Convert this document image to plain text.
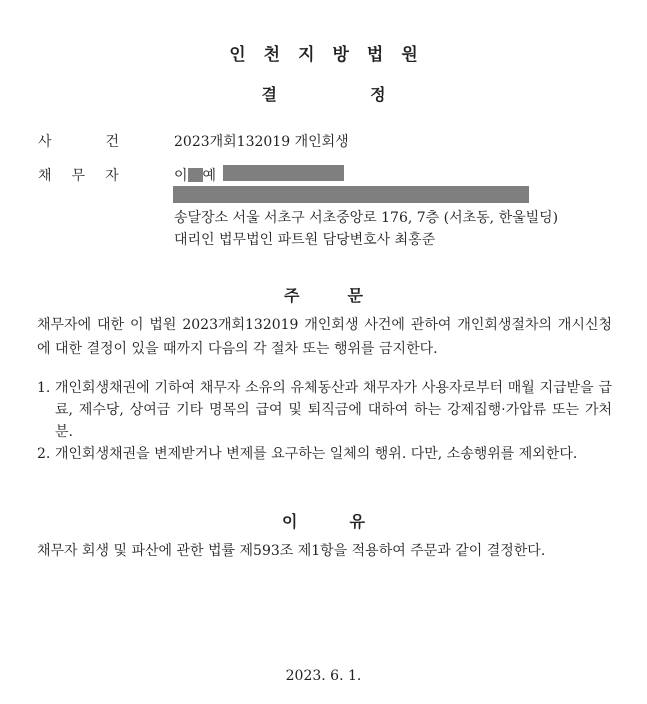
인천지방법원
결	정
사	건	2023개회132019 개인회생
채 무 자	이 예
송달장소 서울 서초구 서초중앙로 176, 7층 (서초동, 한울빌딩)
대리인 법무법인 파트원 담당변호사 최홍준
주	문
채무자에 대한 이 법원 2023개회132019 개인회생 사건에 관하여 개인회생절차의 개시신청에 대한 결정이 있을 때까지 다음의 각 절차 또는 행위를 금지한다.
1. 개인회생채권에 기하여 채무자 소유의 유체동산과 채무자가 사용자로부터 매월 지급받을 급료, 제수당, 상여금 기타 명목의 급여 및 퇴직금에 대하여 하는 강제집행·가압류 또는 가처분.
2. 개인회생채권을 변제받거나 변제를 요구하는 일체의 행위. 다만, 소송행위를 제외한다.
이	유
채무자 회생 및 파산에 관한 법률 제593조 제1항을 적용하여 주문과 같이 결정한다.
2023. 6. 1.
